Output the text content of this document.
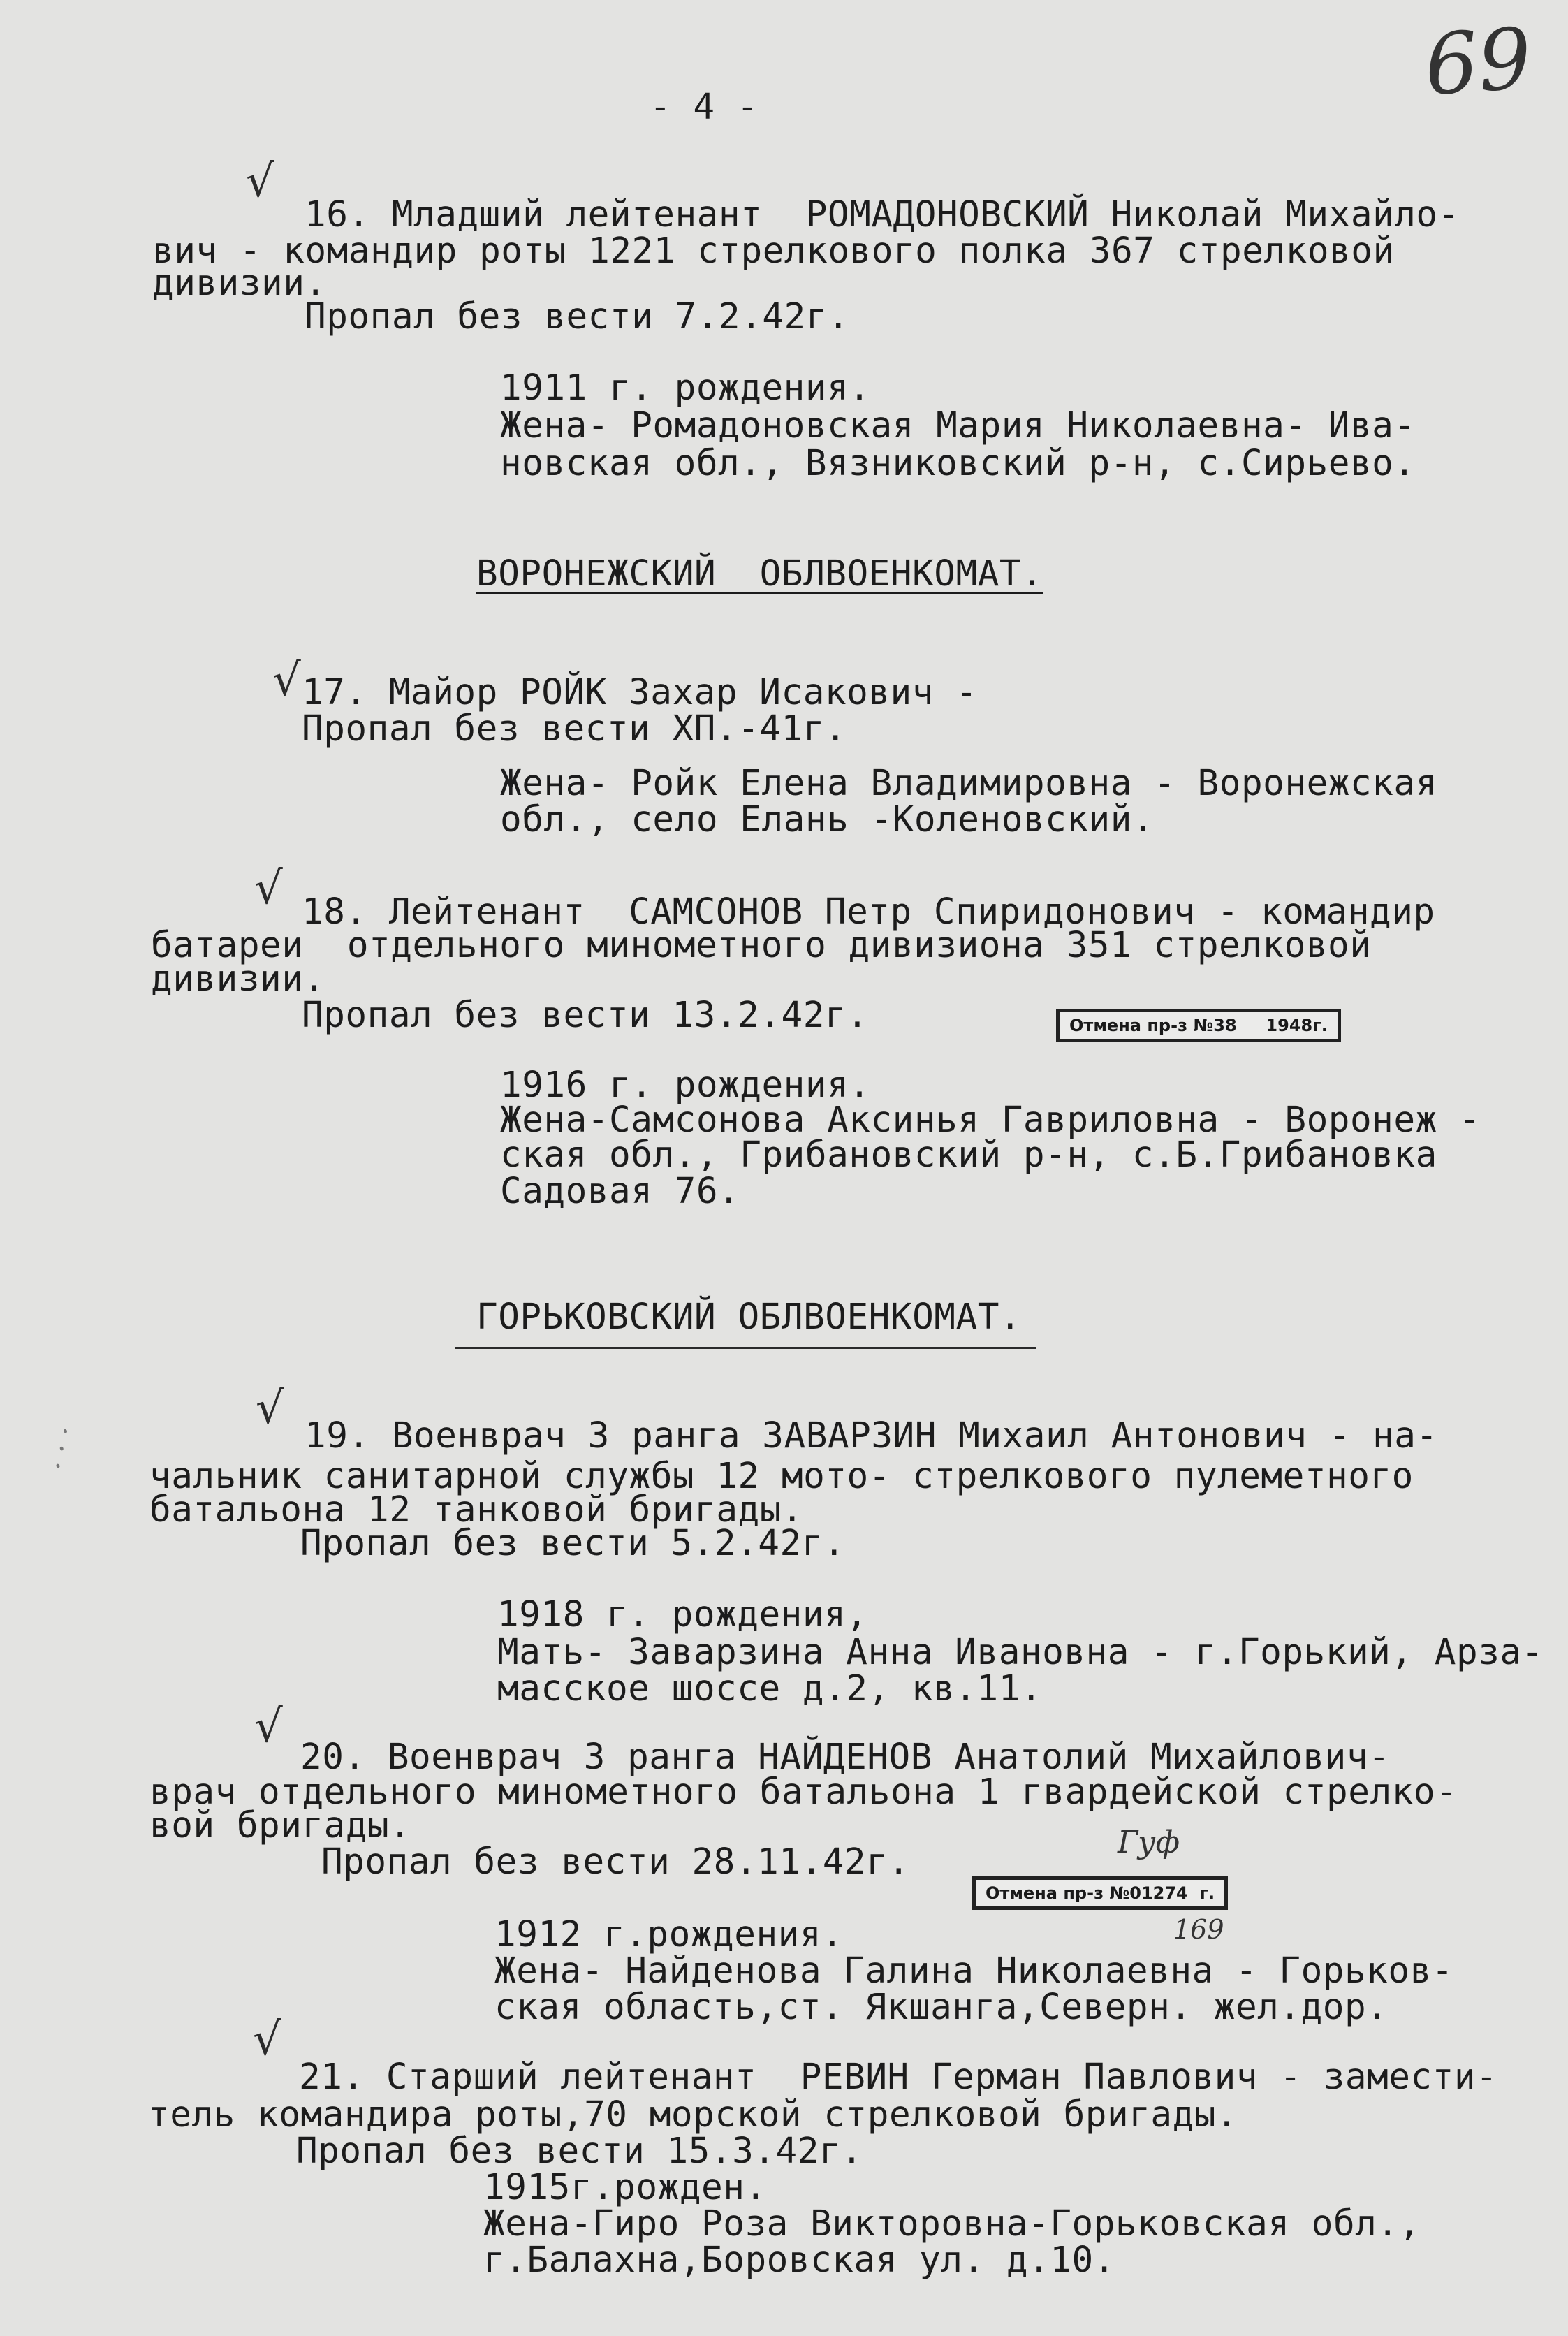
69
- 4 -
√
16. Младший лейтенант  РОМАДОНОВСКИЙ Николай Михайло-
вич - командир роты 1221 стрелкового полка 367 стрелковой
дивизии.
Пропал без вести 7.2.42г.
1911 г. рождения.
Жена- Ромадоновская Мария Николаевна- Ива-
новская обл., Вязниковский р-н, с.Сирьево.
ВОРОНЕЖСКИЙ  ОБЛВОЕНКОМАТ.
√ 17. Майор РОЙК Захар Исакович -
Пропал без вести XП.-41г.
Жена- Ройк Елена Владимировна - Воронежская
обл., село Елань -Коленовский.
√ 18. Лейтенант  САМСОНОВ Петр Спиридонович - командир
батареи  отдельного минометного дивизиона 351 стрелковой
дивизии.
Пропал без вести 13.2.42г.	Отмена пр-з №38     1948г.
1916 г. рождения.
Жена-Самсонова Аксинья Гавриловна - Воронеж -
ская обл., Грибановский р-н, с.Б.Грибановка
Садовая 76.
ГОРЬКОВСКИЙ ОБЛВОЕНКОМАТ.
· · ·
√
19. Военврач 3 ранга ЗАВАРЗИН Михаил Антонович - на-
чальник санитарной службы 12 мото- стрелкового пулеметного
батальона 12 танковой бригады.
Пропал без вести 5.2.42г.
1918 г. рождения,
Мать- Заварзина Анна Ивановна - г.Горький, Арза-
масское шоссе д.2, кв.11.
√
20. Военврач 3 ранга НАЙДЕНОВ Анатолий Михайлович-
врач отдельного минометного батальона 1 гвардейской стрелко-
вой бригады.
Пропал без вести 28.11.42г.	Гуф
Отмена пр-з №01274  г.
169
1912 г.рождения.
Жена- Найденова Галина Николаевна - Горьков-
ская область,ст. Якшанга,Северн. жел.дор.
√
21. Старший лейтенант  РЕВИН Герман Павлович - замести-
тель командира роты,70 морской стрелковой бригады.
Пропал без вести 15.3.42г.
1915г.рожден.
Жена-Гиро Роза Викторовна-Горьковская обл.,
г.Балахна,Боровская ул. д.10.
